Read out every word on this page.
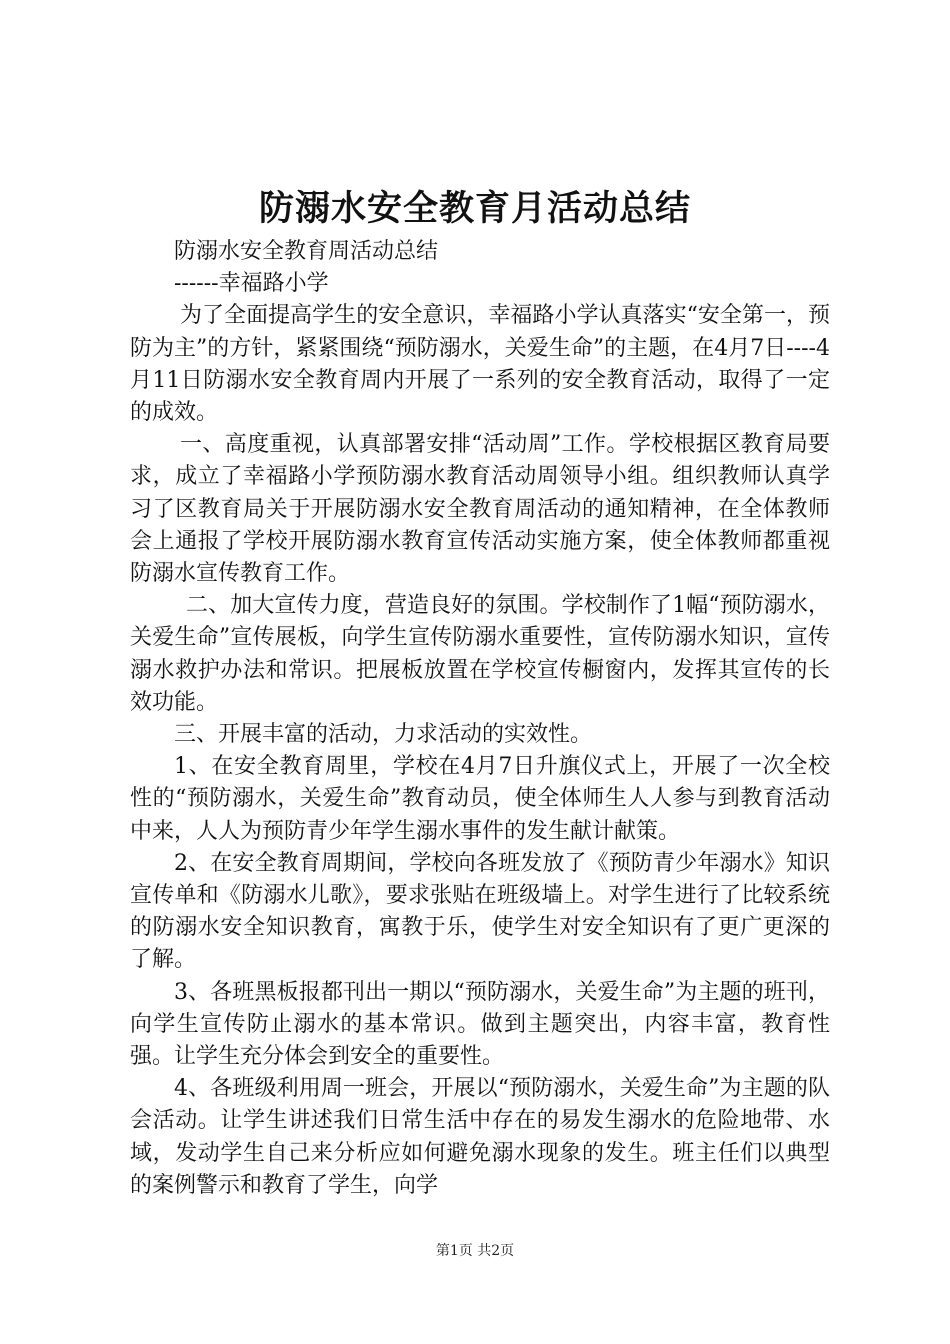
防溺水安全教育月活动总结

防溺水安全教育周活动总结

------幸福路小学

为了全面提高学生的安全意识，幸福路小学认真落实“安全第一，预防为主”的方针，紧紧围绕“预防溺水，关爱生命”的主题，在4月7日----4月11日防溺水安全教育周内开展了一系列的安全教育活动，取得了一定的成效。

一、高度重视，认真部署安排“活动周”工作。学校根据区教育局要求，成立了幸福路小学预防溺水教育活动周领导小组。组织教师认真学习了区教育局关于开展防溺水安全教育周活动的通知精神，在全体教师会上通报了学校开展防溺水教育宣传活动实施方案，使全体教师都重视防溺水宣传教育工作。

二、加大宣传力度，营造良好的氛围。学校制作了1幅“预防溺水，关爱生命”宣传展板，向学生宣传防溺水重要性，宣传防溺水知识，宣传溺水救护办法和常识。把展板放置在学校宣传橱窗内，发挥其宣传的长效功能。

三、开展丰富的活动，力求活动的实效性。

1、在安全教育周里，学校在4月7日升旗仪式上，开展了一次全校性的“预防溺水，关爱生命”教育动员，使全体师生人人参与到教育活动中来，人人为预防青少年学生溺水事件的发生献计献策。

2、在安全教育周期间，学校向各班发放了《预防青少年溺水》知识宣传单和《防溺水儿歌》，要求张贴在班级墙上。对学生进行了比较系统的防溺水安全知识教育，寓教于乐，使学生对安全知识有了更广更深的了解。

3、各班黑板报都刊出一期以“预防溺水，关爱生命”为主题的班刊，向学生宣传防止溺水的基本常识。做到主题突出，内容丰富，教育性强。让学生充分体会到安全的重要性。

4、各班级利用周一班会，开展以“预防溺水，关爱生命”为主题的队会活动。让学生讲述我们日常生活中存在的易发生溺水的危险地带、水域，发动学生自己来分析应如何避免溺水现象的发生。班主任们以典型的案例警示和教育了学生，向学

第1页 共2页
